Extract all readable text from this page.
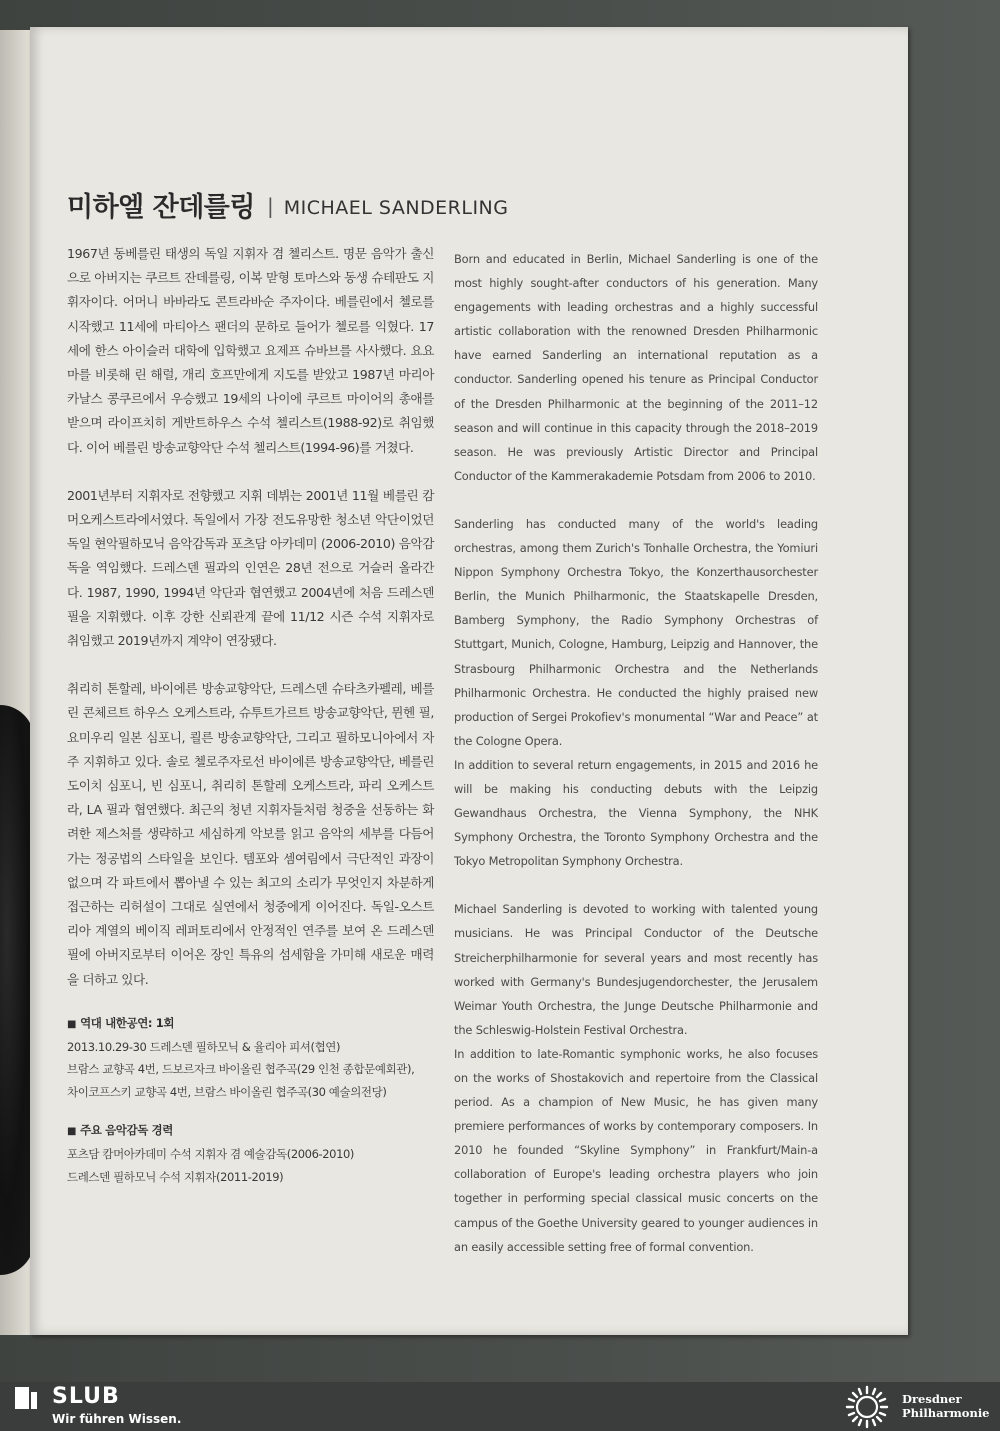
미하엘 잔데를링 | MICHAEL SANDERLING

1967년 동베를린 태생의 독일 지휘자 겸 첼리스트. 명문 음악가 출신으로 아버지는 쿠르트 잔데를링, 이복 맏형 토마스와 동생 슈테판도 지휘자이다. 어머니 바바라도 콘트라바순 주자이다. 베를린에서 첼로를 시작했고 11세에 마티아스 팬더의 문하로 들어가 첼로를 익혔다. 17세에 한스 아이슬러 대학에 입학했고 요제프 슈바브를 사사했다. 요요 마를 비롯해 린 해럴, 개리 호프만에게 지도를 받았고 1987년 마리아 카날스 콩쿠르에서 우승했고 19세의 나이에 쿠르트 마이어의 총애를 받으며 라이프치히 게반트하우스 수석 첼리스트(1988-92)로 취임했다. 이어 베를린 방송교향악단 수석 첼리스트(1994-96)를 거쳤다.

2001년부터 지휘자로 전향했고 지휘 데뷔는 2001년 11월 베를린 캄머오케스트라에서였다. 독일에서 가장 전도유망한 청소년 악단이었던 독일 현악필하모닉 음악감독과 포츠담 아카데미 (2006-2010) 음악감독을 역임했다. 드레스덴 필과의 인연은 28년 전으로 거슬러 올라간다. 1987, 1990, 1994년 악단과 협연했고 2004년에 처음 드레스덴 필을 지휘했다. 이후 강한 신뢰관계 끝에 11/12 시즌 수석 지휘자로 취임했고 2019년까지 계약이 연장됐다.

취리히 톤할레, 바이에른 방송교향악단, 드레스덴 슈타츠카펠레, 베를린 콘체르트 하우스 오케스트라, 슈투트가르트 방송교향악단, 뮌헨 필, 요미우리 일본 심포니, 쾰른 방송교향악단, 그리고 필하모니아에서 자주 지휘하고 있다. 솔로 첼로주자로선 바이에른 방송교향악단, 베를린 도이치 심포니, 빈 심포니, 취리히 톤할레 오케스트라, 파리 오케스트라, LA 필과 협연했다. 최근의 청년 지휘자들처럼 청중을 선동하는 화려한 제스처를 생략하고 세심하게 악보를 읽고 음악의 세부를 다듬어가는 정공법의 스타일을 보인다. 템포와 셈여림에서 극단적인 과장이 없으며 각 파트에서 뽑아낼 수 있는 최고의 소리가 무엇인지 차분하게 접근하는 리허설이 그대로 실연에서 청중에게 이어진다. 독일-오스트리아 계열의 베이직 레퍼토리에서 안정적인 연주를 보여 온 드레스덴 필에 아버지로부터 이어온 장인 특유의 섬세함을 가미해 새로운 매력을 더하고 있다.

■ 역대 내한공연: 1회
2013.10.29-30 드레스덴 필하모닉 & 율리아 피셔(협연)
브람스 교향곡 4번, 드보르자크 바이올린 협주곡(29 인천 종합문예회관),
차이코프스키 교향곡 4번, 브람스 바이올린 협주곡(30 예술의전당)
■ 주요 음악감독 경력
포츠담 캄머아카데미 수석 지휘자 겸 예술감독(2006-2010)
드레스덴 필하모닉 수석 지휘자(2011-2019)

Born and educated in Berlin, Michael Sanderling is one of the most highly sought-after conductors of his generation. Many engagements with leading orchestras and a highly successful artistic collaboration with the renowned Dresden Philharmonic have earned Sanderling an international reputation as a conductor. Sanderling opened his tenure as Principal Conductor of the Dresden Philharmonic at the beginning of the 2011–12 season and will continue in this capacity through the 2018–2019 season. He was previously Artistic Director and Principal Conductor of the Kammerakademie Potsdam from 2006 to 2010.

Sanderling has conducted many of the world's leading orchestras, among them Zurich's Tonhalle Orchestra, the Yomiuri Nippon Symphony Orchestra Tokyo, the Konzerthausorchester Berlin, the Munich Philharmonic, the Staatskapelle Dresden, Bamberg Symphony, the Radio Symphony Orchestras of Stuttgart, Munich, Cologne, Hamburg, Leipzig and Hannover, the Strasbourg Philharmonic Orchestra and the Netherlands Philharmonic Orchestra. He conducted the highly praised new production of Sergei Prokofiev's monumental “War and Peace” at the Cologne Opera.

In addition to several return engagements, in 2015 and 2016 he will be making his conducting debuts with the Leipzig Gewandhaus Orchestra, the Vienna Symphony, the NHK Symphony Orchestra, the Toronto Symphony Orchestra and the Tokyo Metropolitan Symphony Orchestra.

Michael Sanderling is devoted to working with talented young musicians. He was Principal Conductor of the Deutsche Streicherphilharmonie for several years and most recently has worked with Germany's Bundesjugendorchester, the Jerusalem Weimar Youth Orchestra, the Junge Deutsche Philharmonie and the Schleswig-Holstein Festival Orchestra.

In addition to late-Romantic symphonic works, he also focuses on the works of Shostakovich and repertoire from the Classical period. As a champion of New Music, he has given many premiere performances of works by contemporary composers. In 2010 he founded “Skyline Symphony” in Frankfurt/Main-a collaboration of Europe's leading orchestra players who join together in performing special classical music concerts on the campus of the Goethe University geared to younger audiences in an easily accessible setting free of formal convention.

SLUB
Wir führen Wissen.
Dresdner
Philharmonie
